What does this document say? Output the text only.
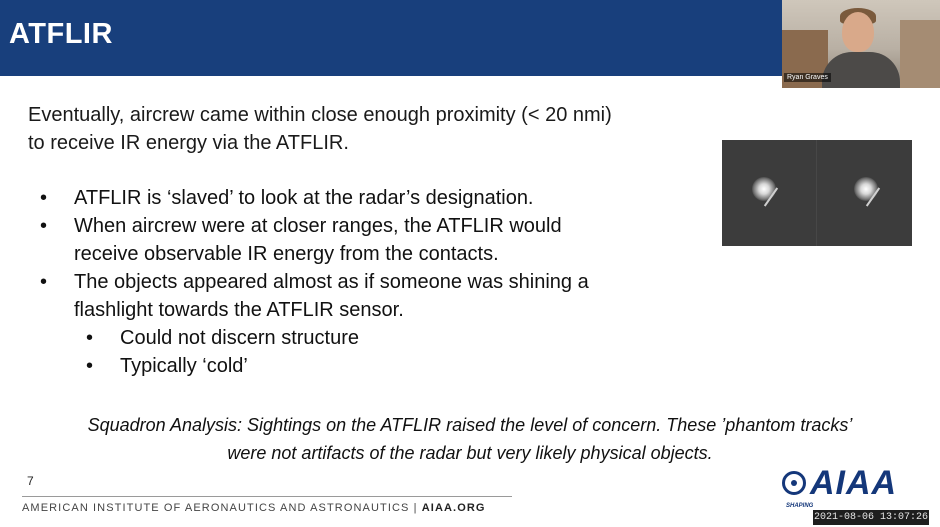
ATFLIR
Ryan Graves
Eventually, aircrew came within close enough proximity (< 20 nmi)
to receive IR energy via the ATFLIR.
• ATFLIR is ‘slaved’ to look at the radar’s designation.
• When aircrew were at closer ranges, the ATFLIR would
receive observable IR energy from the contacts.
• The objects appeared almost as if someone was shining a
flashlight towards the ATFLIR sensor.
• Could not discern structure
• Typically ‘cold’
Squadron Analysis: Sightings on the ATFLIR raised the level of concern. These ’phantom tracks’
were not artifacts of the radar but very likely physical objects.
7
AMERICAN INSTITUTE OF AERONAUTICS AND ASTRONAUTICS | AIAA.ORG
AIAA
SHAPING
2021-08-06 13:07:26
